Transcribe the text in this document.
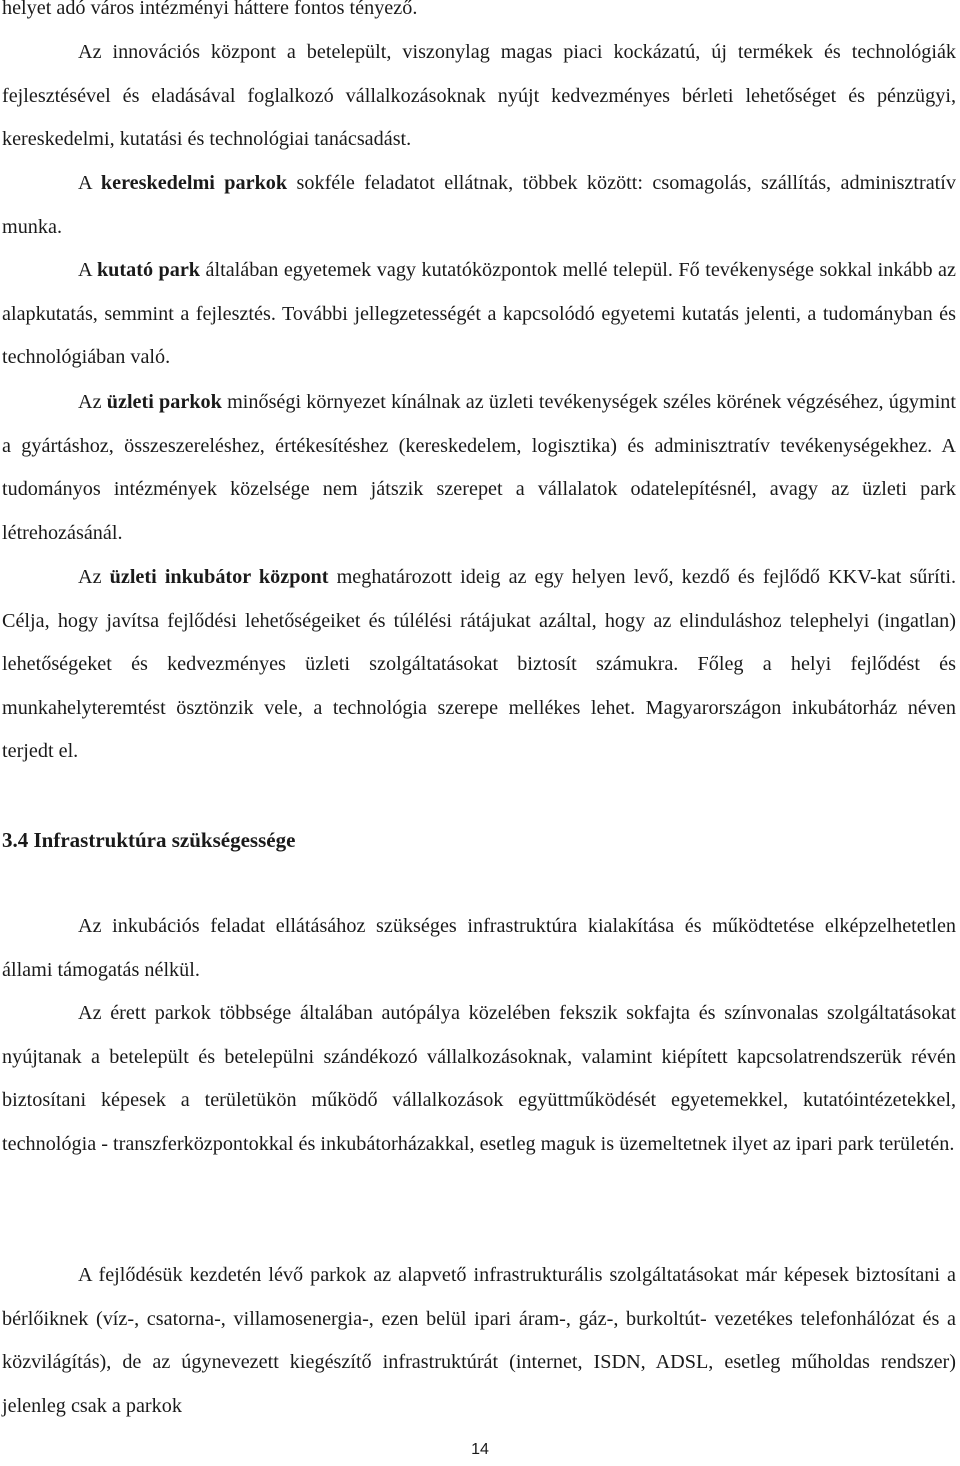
helyet adó város intézményi háttere fontos tényező.

Az innovációs központ a betelepült, viszonylag magas piaci kockázatú, új termékek és technológiák fejlesztésével és eladásával foglalkozó vállalkozásoknak nyújt kedvezményes bérleti lehetőséget és pénzügyi, kereskedelmi, kutatási és technológiai tanácsadást.

A kereskedelmi parkok sokféle feladatot ellátnak, többek között: csomagolás, szállítás, adminisztratív munka.

A kutató park általában egyetemek vagy kutatóközpontok mellé települ. Fő tevékenysége sokkal inkább az alapkutatás, semmint a fejlesztés. További jellegzetességét a kapcsolódó egyetemi kutatás jelenti, a tudományban és technológiában való.

Az üzleti parkok minőségi környezet kínálnak az üzleti tevékenységek széles körének végzéséhez, úgymint a gyártáshoz, összeszereléshez, értékesítéshez (kereskedelem, logisztika) és adminisztratív tevékenységekhez. A tudományos intézmények közelsége nem játszik szerepet a vállalatok odatelepítésnél, avagy az üzleti park létrehozásánál.

Az üzleti inkubátor központ meghatározott ideig az egy helyen levő, kezdő és fejlődő KKV-kat sűríti. Célja, hogy javítsa fejlődési lehetőségeiket és túlélési rátájukat azáltal, hogy az elinduláshoz telephelyi (ingatlan) lehetőségeket és kedvezményes üzleti szolgáltatásokat biztosít számukra. Főleg a helyi fejlődést és munkahelyteremtést ösztönzik vele, a technológia szerepe mellékes lehet. Magyarországon inkubátorház néven terjedt el.

3.4 Infrastruktúra szükségessége

Az inkubációs feladat ellátásához szükséges infrastruktúra kialakítása és működtetése elképzelhetetlen állami támogatás nélkül.

Az érett parkok többsége általában autópálya közelében fekszik sokfajta és színvonalas szolgáltatásokat nyújtanak a betelepült és betelepülni szándékozó vállalkozásoknak, valamint kiépített kapcsolatrendszerük révén biztosítani képesek a területükön működő vállalkozások együttműködését egyetemekkel, kutatóintézetekkel, technológia - transzferközpontokkal és inkubátorházakkal, esetleg maguk is üzemeltetnek ilyet az ipari park területén.

A fejlődésük kezdetén lévő parkok az alapvető infrastrukturális szolgáltatásokat már képesek biztosítani a bérlőiknek (víz-, csatorna-, villamosenergia-, ezen belül ipari áram-, gáz-, burkoltút- vezetékes telefonhálózat és a közvilágítás), de az úgynevezett kiegészítő infrastruktúrát (internet, ISDN, ADSL, esetleg műholdas rendszer) jelenleg csak a parkok

14
